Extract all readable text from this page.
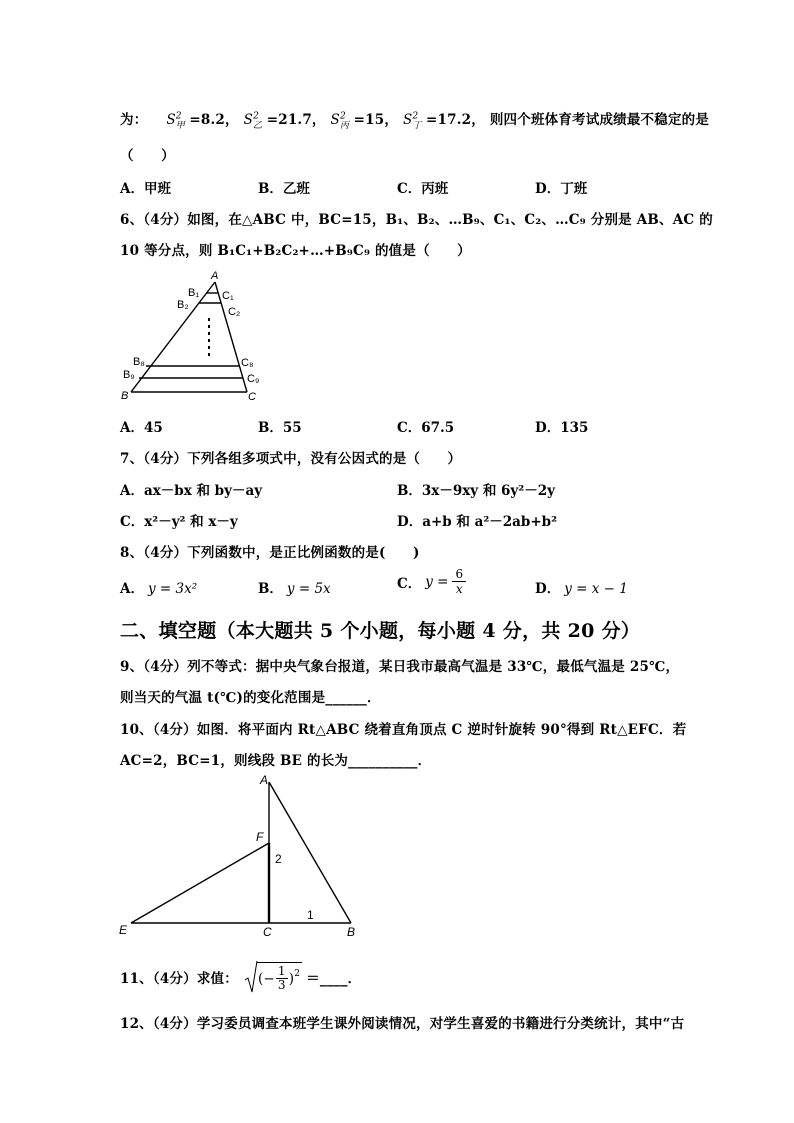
为： $S^2_甲 =8.2$， $S^2_乙 =21.7$， $S^2_丙 =15$， $S^2_丁 =17.2$， 则四个班体育考试成绩最不稳定的是
（　　）
A．甲班	B．乙班	C．丙班	D．丁班
6、（4分）如图，在△ABC 中，BC=15，B₁、B₂、…B₉、C₁、C₂、…C₉ 分别是 AB、AC 的
10 等分点，则 B₁C₁+B₂C₂+…+B₉C₉ 的值是（　　）
A
B₁
B₂
C₁
C₂
B₈
B₉
C₈
C₉
B	C
A．45	B．55	C．67.5	D．135
7、（4分）下列各组多项式中，没有公因式的是（　　）
A．ax－bx 和 by－ay	B．3x－9xy 和 6y²－2y
C．x²－y² 和 x－y	D．a+b 和 a²－2ab+b²
8、（4分）下列函数中，是正比例函数的是(　　)
A． y = 3x²	B． y = 5x	C． $y = \frac{6}{x}$	D． y = x − 1
二、填空题（本大题共 5 个小题，每小题 4 分，共 20 分）
9、（4分）列不等式：据中央气象台报道，某日我市最高气温是 33℃，最低气温是 25℃，
则当天的气温 t(℃)的变化范围是______．
10、（4分）如图．将平面内 Rt△ABC 绕着直角顶点 C 逆时针旋转 90°得到 Rt△EFC．若
AC=2，BC=1，则线段 BE 的长为__________．
A
F
E	C	B
2
1
11、（4分）求值： (− $\frac{1}{3} )^2$ ＝____．
12、（4分）学习委员调查本班学生课外阅读情况，对学生喜爱的书籍进行分类统计，其中“古
